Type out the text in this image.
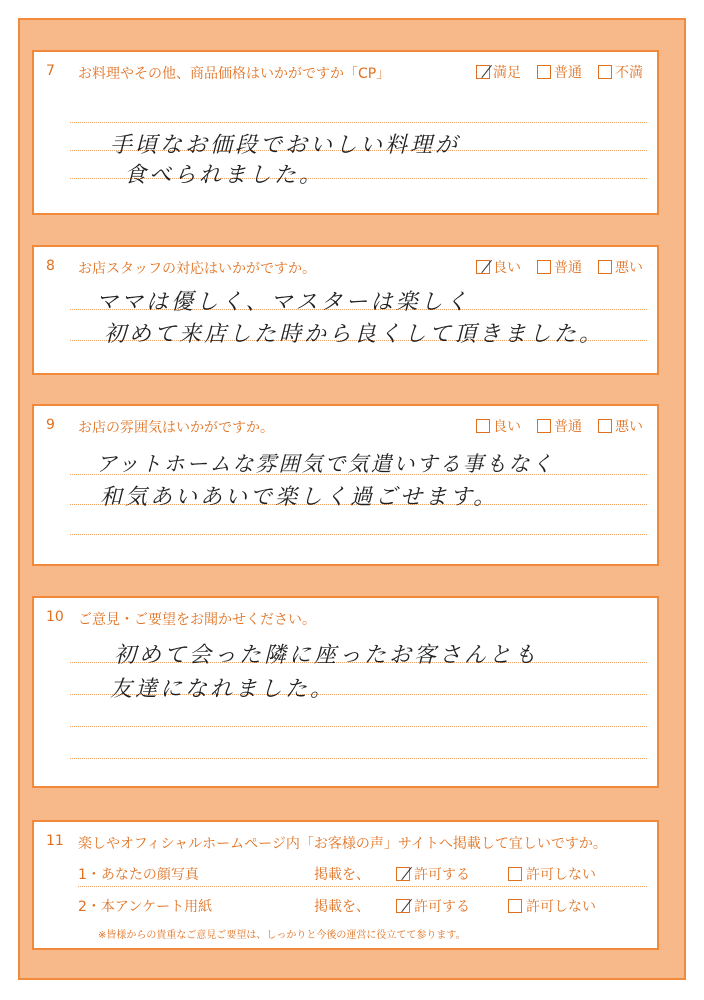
7 お料理やその他、商品価格はいかがですか「CP」	満足 普通 不満
手頃なお価段でおいしい料理が
食べられました。
8 お店スタッフの対応はいかがですか。	良い 普通 悪い
ママは優しく、マスターは楽しく
初めて来店した時から良くして頂きました。
9 お店の雰囲気はいかがですか。	良い 普通 悪い
アットホームな雰囲気で気遣いする事もなく
和気あいあいで楽しく過ごせます。
10 ご意見・ご要望をお聞かせください。
初めて会った隣に座ったお客さんとも
友達になれました。
11 楽しやオフィシャルホームページ内「お客様の声」サイトへ掲載して宜しいですか。
1・あなたの顔写真	掲載を、	許可する	許可しない
2・本アンケート用紙	掲載を、	許可する	許可しない
※皆様からの貴重なご意見ご要望は、しっかりと今後の運営に役立てて参ります。
